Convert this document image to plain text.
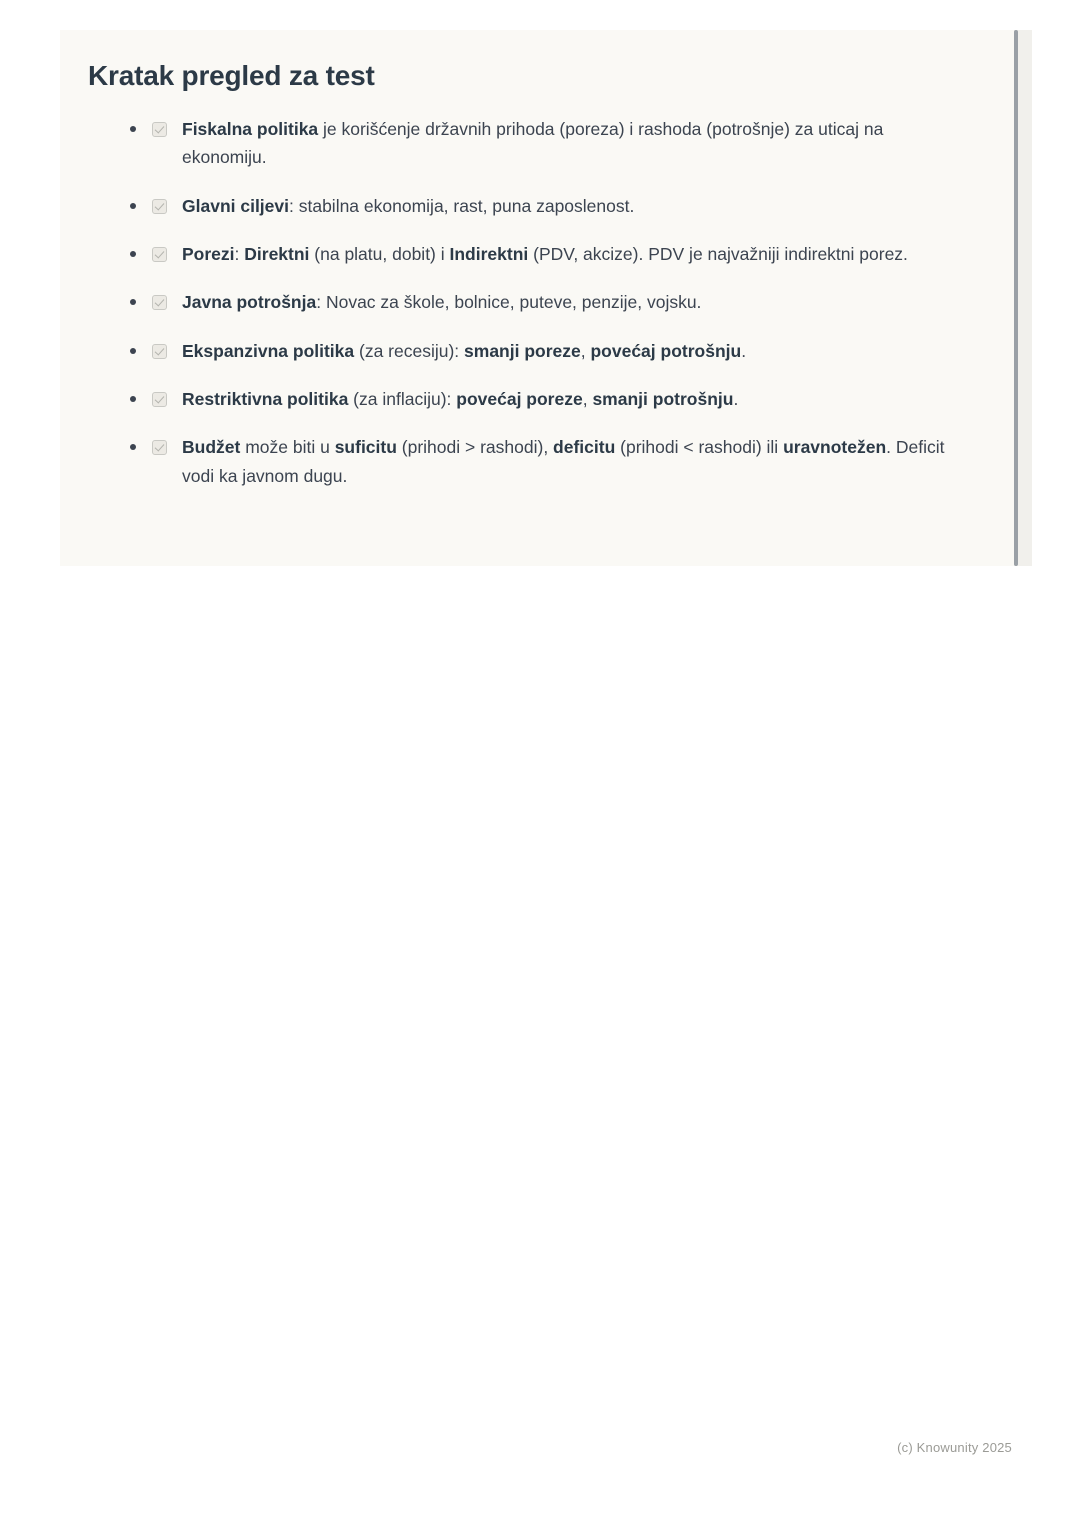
Kratak pregled za test
Fiskalna politika je korišćenje državnih prihoda (poreza) i rashoda (potrošnje) za uticaj na ekonomiju.
Glavni ciljevi: stabilna ekonomija, rast, puna zaposlenost.
Porezi: Direktni (na platu, dobit) i Indirektni (PDV, akcize). PDV je najvažniji indirektni porez.
Javna potrošnja: Novac za škole, bolnice, puteve, penzije, vojsku.
Ekspanzivna politika (za recesiju): smanji poreze, povećaj potrošnju.
Restriktivna politika (za inflaciju): povećaj poreze, smanji potrošnju.
Budžet može biti u suficitu (prihodi > rashodi), deficitu (prihodi < rashodi) ili uravnotežen. Deficit vodi ka javnom dugu.
(c) Knowunity 2025
